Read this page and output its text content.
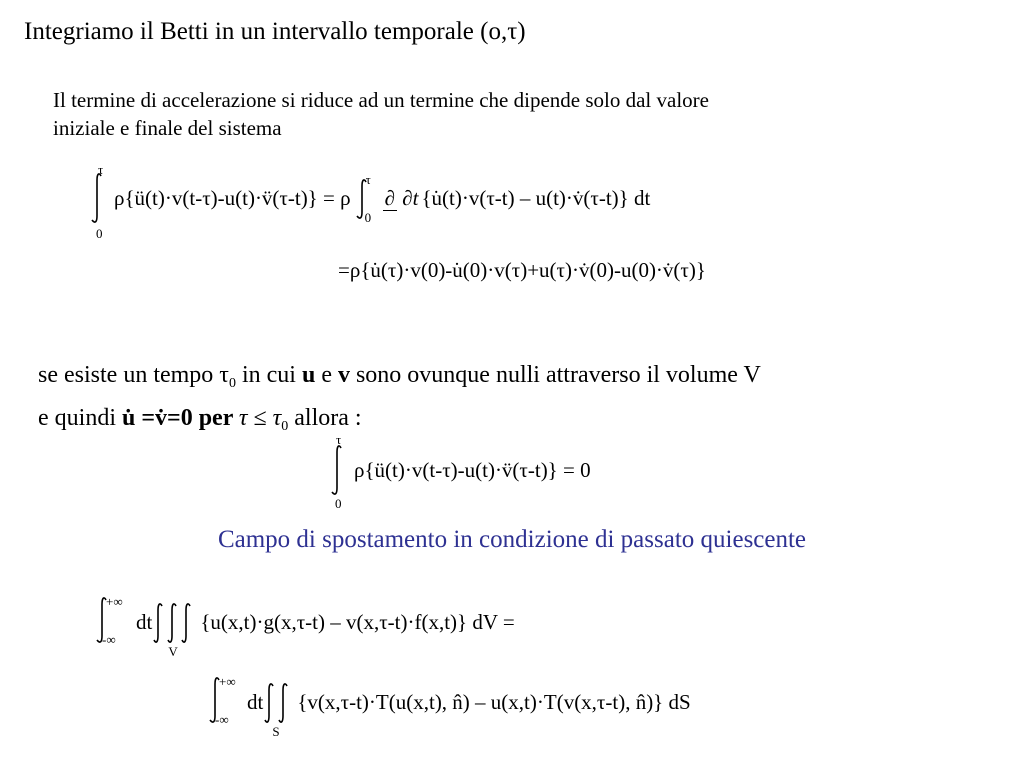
Integriamo il Betti in un intervallo temporale (o,τ)
Il termine di accelerazione si riduce ad un termine che dipende solo dal valore
iniziale e finale del sistema
τ
0
ρ{ü(t)·v(t-τ)-u(t)·v̈(τ-t)} = ρ
τ
0
∂ ∂t {u̇(t)·v(τ-t) – u(t)·v̇(τ-t)} dt
=ρ{u̇(τ)·v(0)-u̇(0)·v(τ)+u(τ)·v̇(0)-u(0)·v̇(τ)}
se esiste un tempo $\tau_0$ in cui u e v sono ovunque nulli attraverso il volume V
e quindi u̇ =v̇=0 per $\tau \le \tau_0$ allora :
τ
0
ρ{ü(t)·v(t-τ)-u(t)·v̈(τ-t)} = 0
Campo di spostamento in condizione di passato quiescente
+∞
-∞
dt
V
{u(x,t)·g(x,τ-t) – v(x,τ-t)·f(x,t)} dV =
+∞
-∞
dt
S
{v(x,τ-t)·T(u(x,t), n̂) – u(x,t)·T(v(x,τ-t), n̂)} dS
